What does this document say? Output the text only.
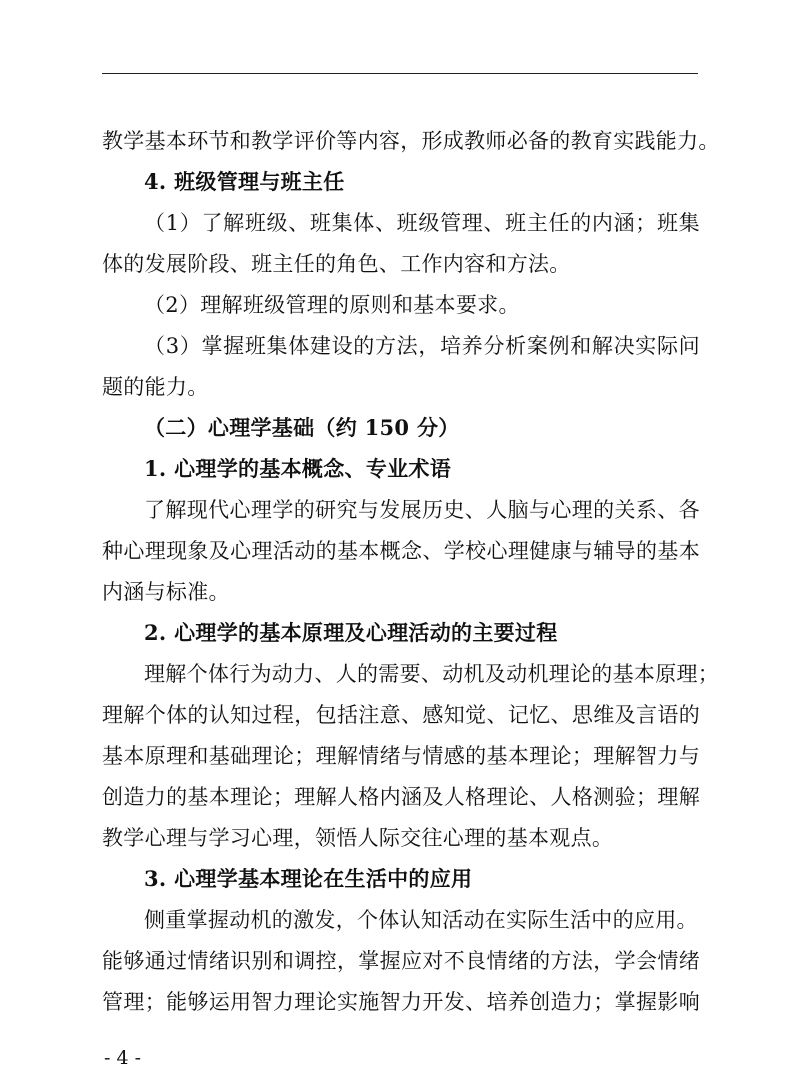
教学基本环节和教学评价等内容，形成教师必备的教育实践能力。
4. 班级管理与班主任
（1）了解班级、班集体、班级管理、班主任的内涵；班集
体的发展阶段、班主任的角色、工作内容和方法。
（2）理解班级管理的原则和基本要求。
（3）掌握班集体建设的方法，培养分析案例和解决实际问
题的能力。
（二）心理学基础（约 150 分）
1. 心理学的基本概念、专业术语
了解现代心理学的研究与发展历史、人脑与心理的关系、各
种心理现象及心理活动的基本概念、学校心理健康与辅导的基本
内涵与标准。
2. 心理学的基本原理及心理活动的主要过程
理解个体行为动力、人的需要、动机及动机理论的基本原理；
理解个体的认知过程，包括注意、感知觉、记忆、思维及言语的
基本原理和基础理论；理解情绪与情感的基本理论；理解智力与
创造力的基本理论；理解人格内涵及人格理论、人格测验；理解
教学心理与学习心理，领悟人际交往心理的基本观点。
3. 心理学基本理论在生活中的应用
侧重掌握动机的激发，个体认知活动在实际生活中的应用。
能够通过情绪识别和调控，掌握应对不良情绪的方法，学会情绪
管理；能够运用智力理论实施智力开发、培养创造力；掌握影响
- 4 -
